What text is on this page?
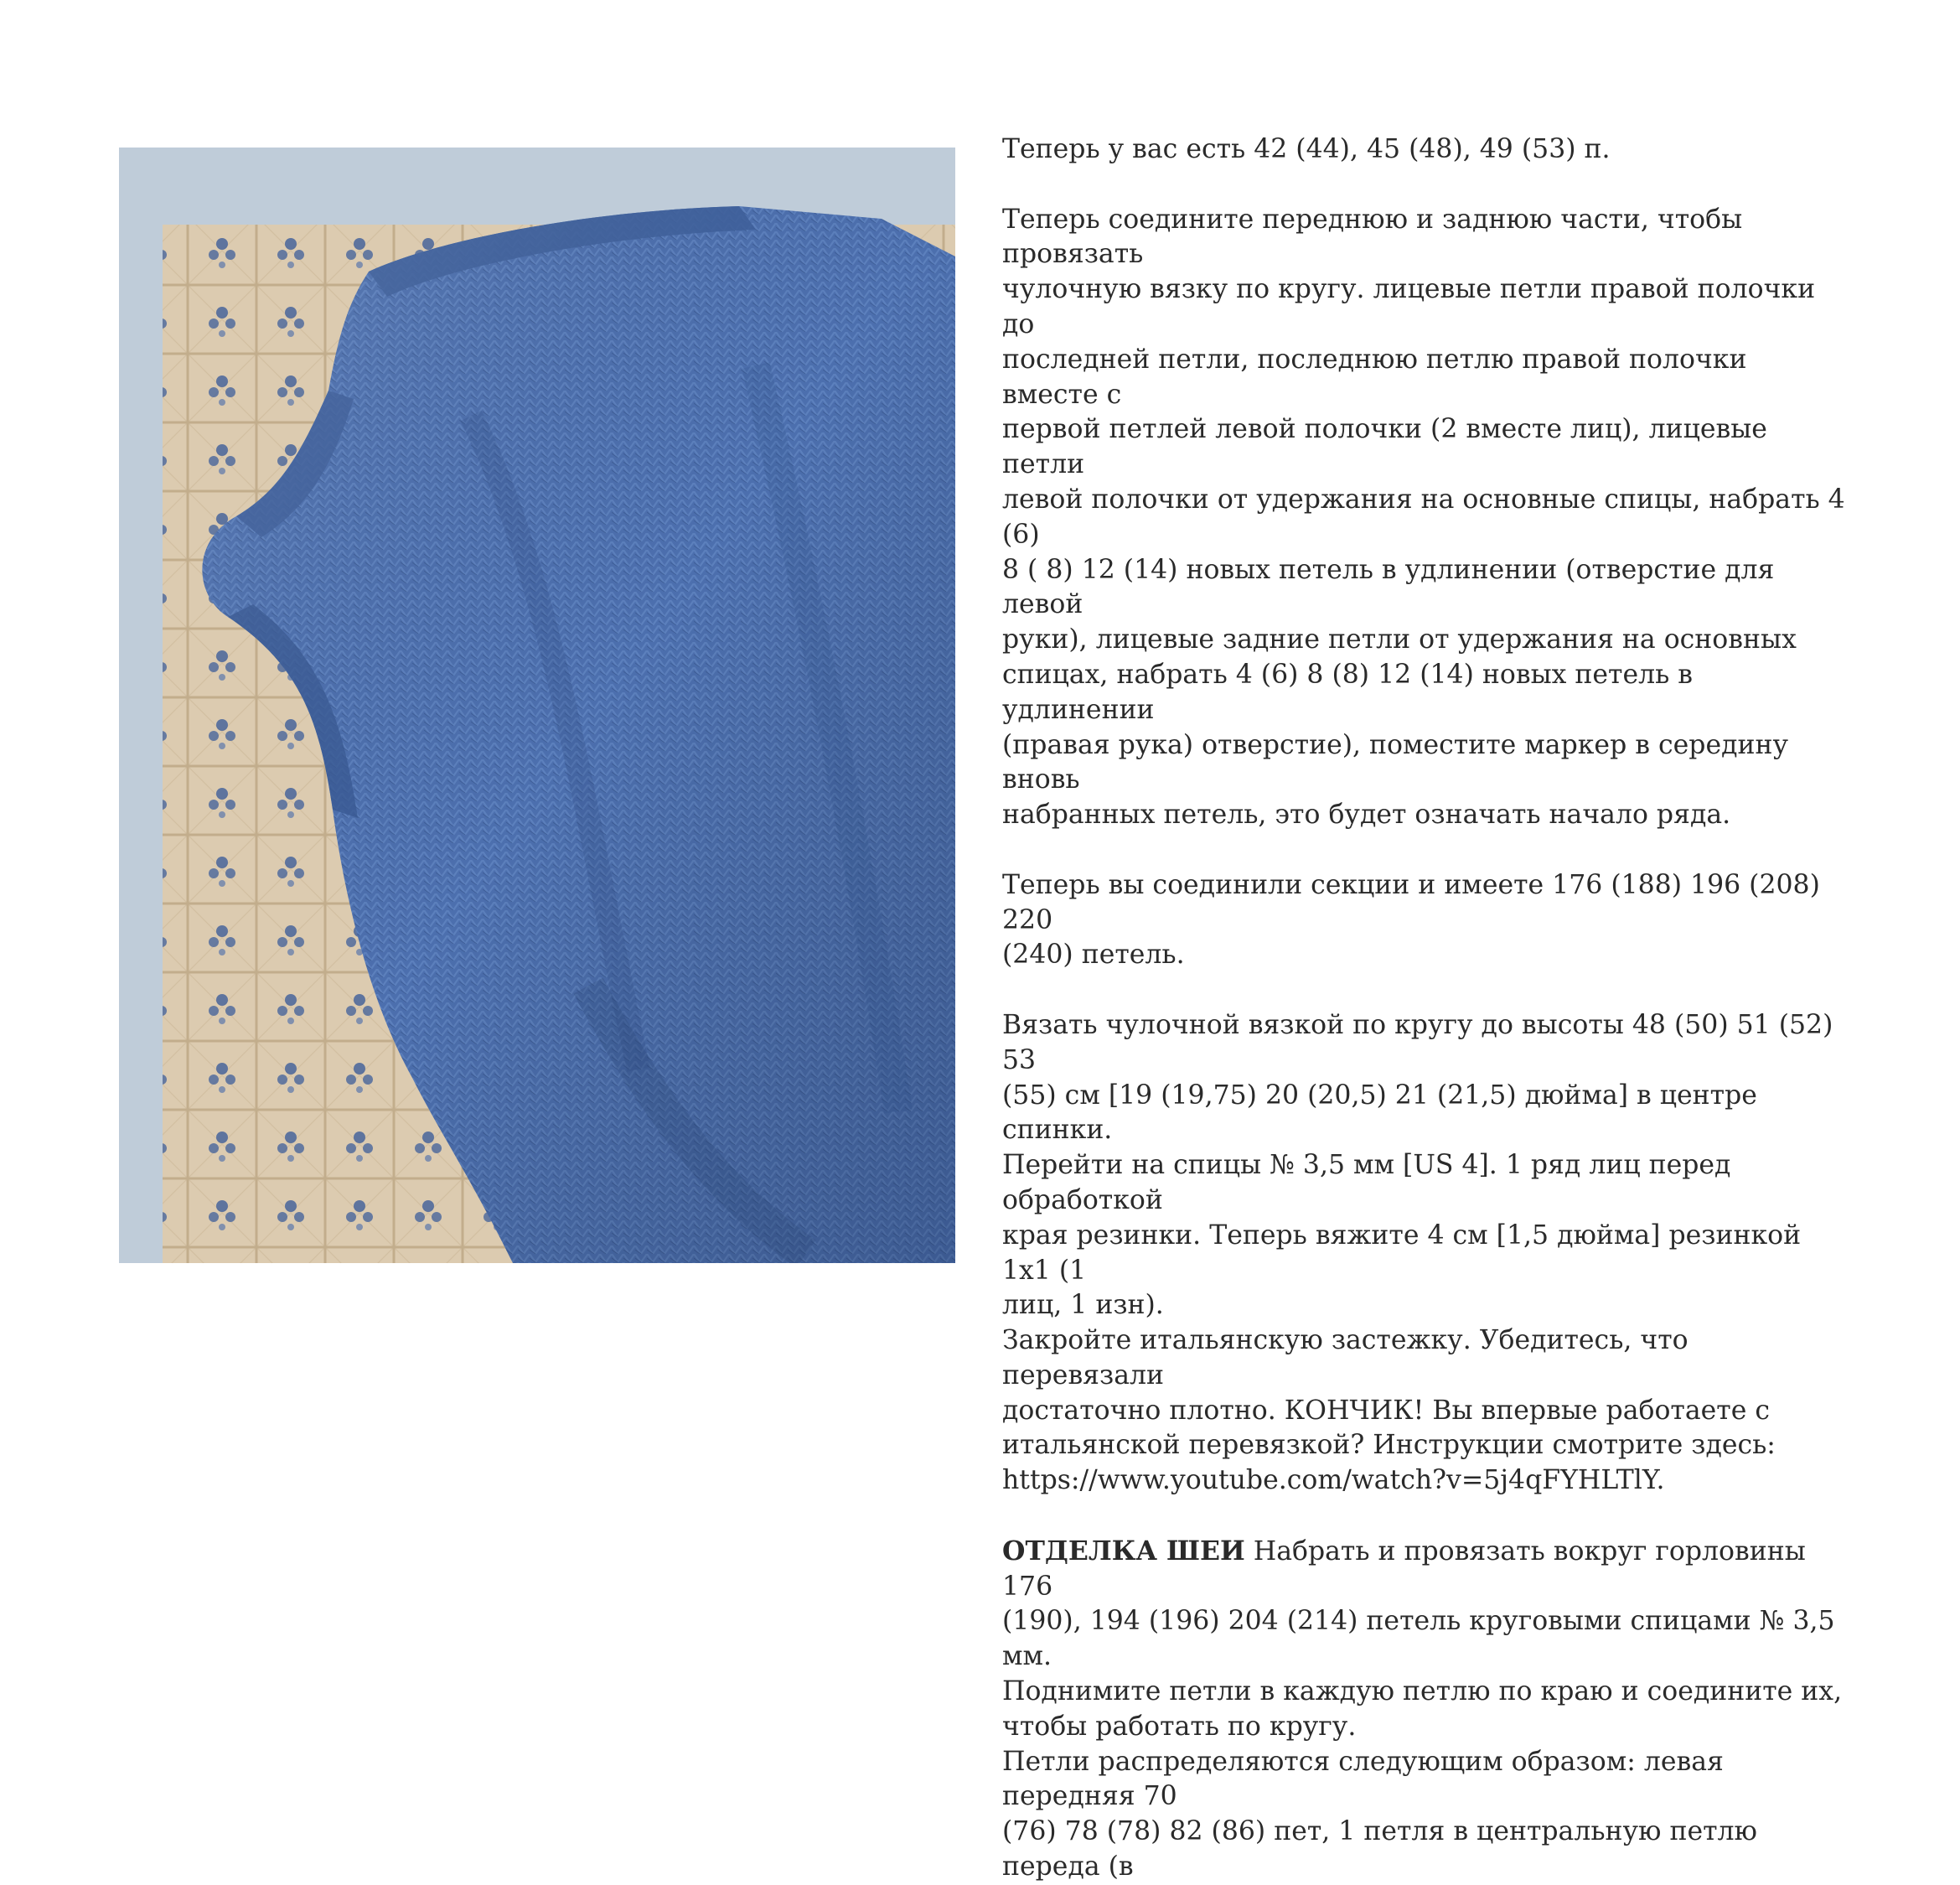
Теперь у вас есть 42 (44), 45 (48), 49 (53) п.

Теперь соедините переднюю и заднюю части, чтобы провязать
чулочную вязку по кругу. лицевые петли правой полочки до
последней петли, последнюю петлю правой полочки вместе с
первой петлей левой полочки (2 вместе лиц), лицевые петли
левой полочки от удержания на основные спицы, набрать 4 (6)
8 ( 8) 12 (14) новых петель в удлинении (отверстие для левой
руки), лицевые задние петли от удержания на основных
спицах, набрать 4 (6) 8 (8) 12 (14) новых петель в удлинении
(правая рука) отверстие), поместите маркер в середину вновь
набранных петель, это будет означать начало ряда.

Теперь вы соединили секции и имеете 176 (188) 196 (208) 220
(240) петель.

Вязать чулочной вязкой по кругу до высоты 48 (50) 51 (52) 53
(55) см [19 (19,75) 20 (20,5) 21 (21,5) дюйма] в центре спинки.
Перейти на спицы № 3,5 мм [US 4]. 1 ряд лиц перед обработкой
края резинки. Теперь вяжите 4 см [1,5 дюйма] резинкой 1x1 (1
лиц, 1 изн).

Закройте итальянскую застежку. Убедитесь, что перевязали
достаточно плотно. КОНЧИК! Вы впервые работаете с
итальянской перевязкой? Инструкции смотрите здесь:
https://www.youtube.com/watch?v=5j4qFYHLTlY.

ОТДЕЛКА ШЕИ Набрать и провязать вокруг горловины 176
(190), 194 (196) 204 (214) петель круговыми спицами № 3,5 мм.
Поднимите петли в каждую петлю по краю и соедините их,
чтобы работать по кругу.

Петли распределяются следующим образом: левая передняя 70
(76) 78 (78) 82 (86) пет, 1 петля в центральную петлю переда (в
